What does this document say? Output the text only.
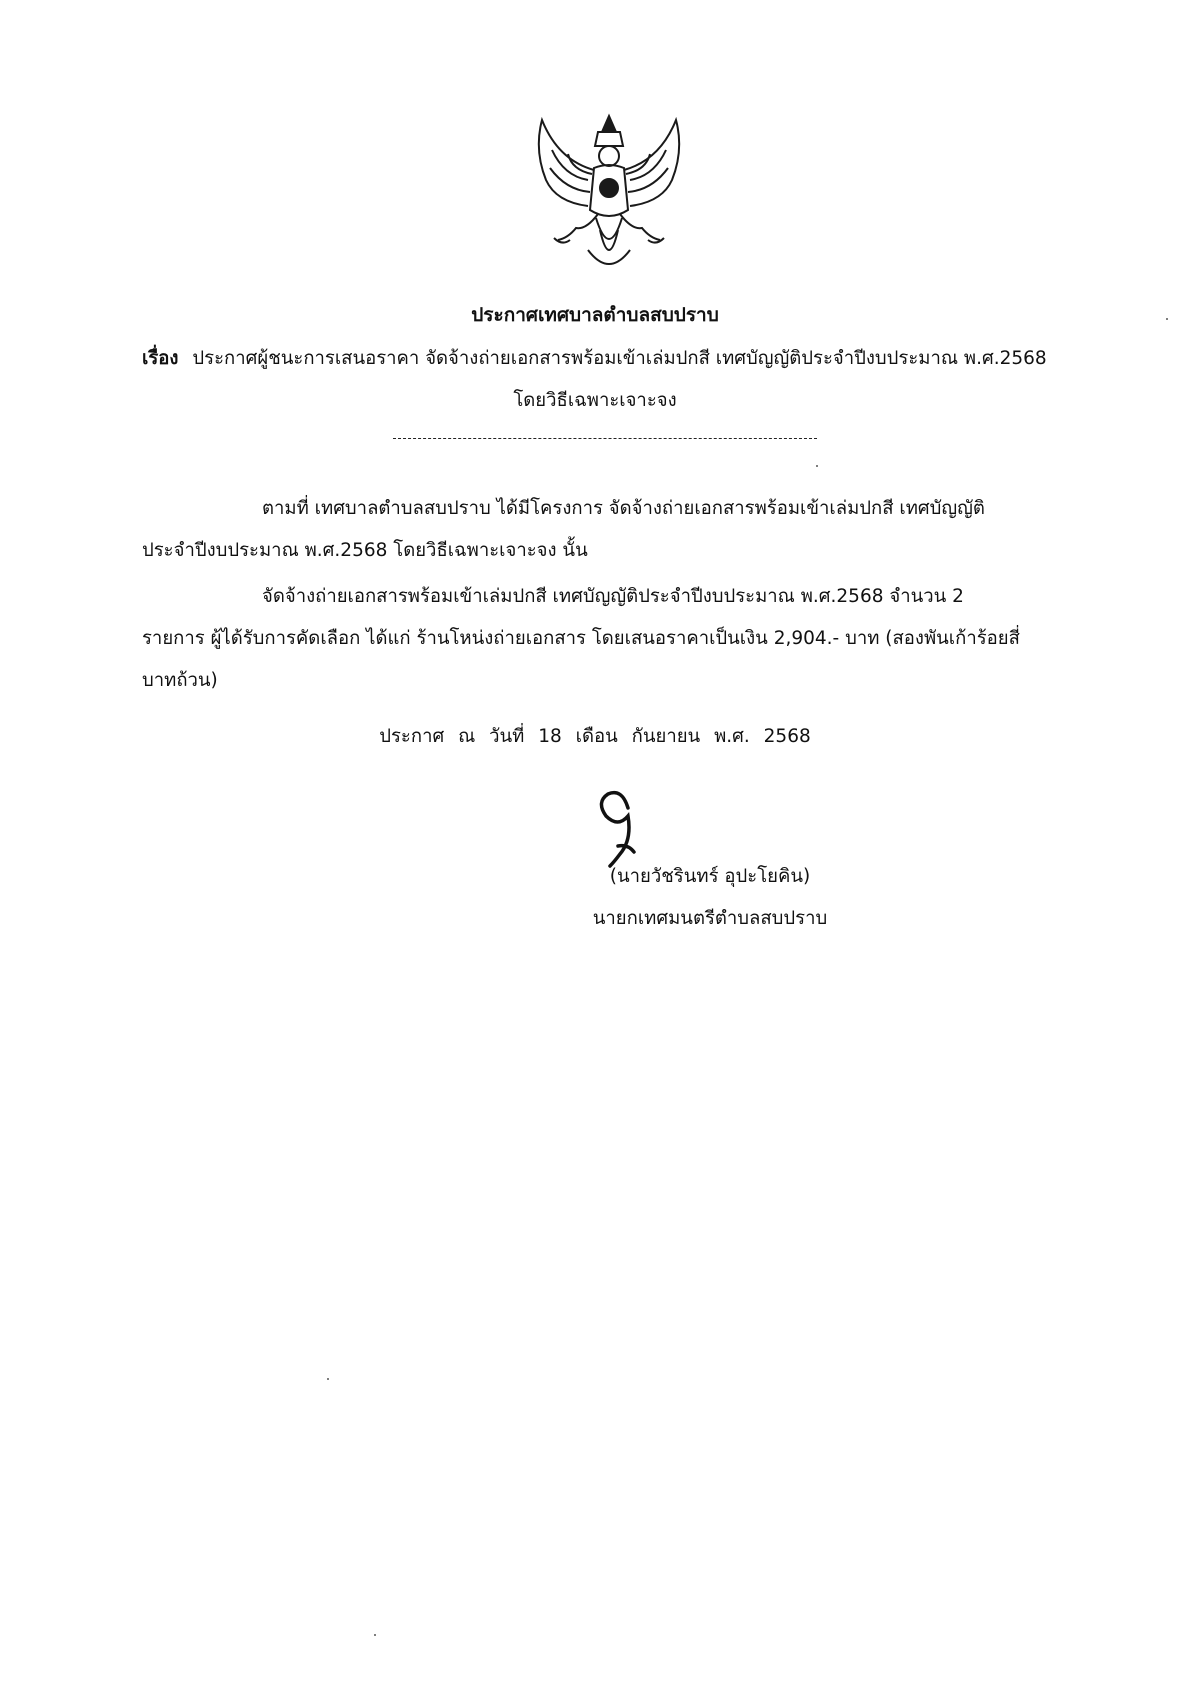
ประกาศเทศบาลตำบลสบปราบ
เรื่อง ประกาศผู้ชนะการเสนอราคา จัดจ้างถ่ายเอกสารพร้อมเข้าเล่มปกสี เทศบัญญัติประจำปีงบประมาณ พ.ศ.2568
โดยวิธีเฉพาะเจาะจง
ตามที่ เทศบาลตำบลสบปราบ ได้มีโครงการ จัดจ้างถ่ายเอกสารพร้อมเข้าเล่มปกสี เทศบัญญัติ
ประจำปีงบประมาณ พ.ศ.2568 โดยวิธีเฉพาะเจาะจง นั้น
จัดจ้างถ่ายเอกสารพร้อมเข้าเล่มปกสี เทศบัญญัติประจำปีงบประมาณ พ.ศ.2568 จำนวน 2
รายการ ผู้ได้รับการคัดเลือก ได้แก่ ร้านโหน่งถ่ายเอกสาร โดยเสนอราคาเป็นเงิน 2,904.- บาท (สองพันเก้าร้อยสี่
บาทถ้วน)
ประกาศ ณ วันที่ 18 เดือน กันยายน พ.ศ. 2568
(นายวัชรินทร์ อุปะโยคิน)
นายกเทศมนตรีตำบลสบปราบ
